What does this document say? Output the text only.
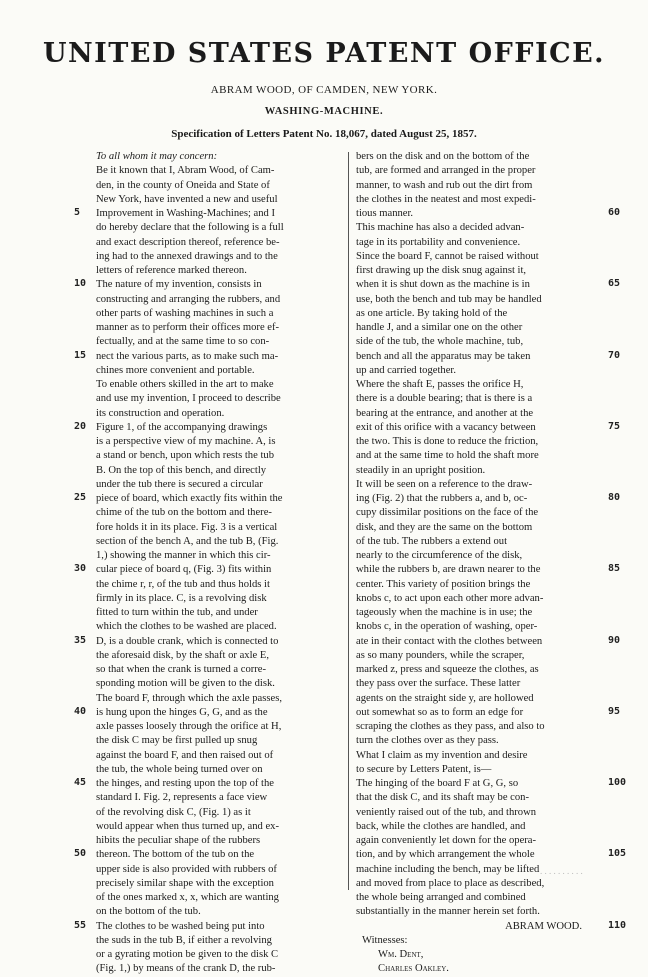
UNITED STATES PATENT OFFICE.
ABRAM WOOD, OF CAMDEN, NEW YORK.
WASHING-MACHINE.
Specification of Letters Patent No. 18,067, dated August 25, 1857.
To all whom it may concern:
Be it known that I, Abram Wood, of Cam-
den, in the county of Oneida and State of
New York, have invented a new and useful
Improvement in Washing-Machines; and I
do hereby declare that the following is a full
and exact description thereof, reference be-
ing had to the annexed drawings and to the
letters of reference marked thereon.
The nature of my invention, consists in
constructing and arranging the rubbers, and
other parts of washing machines in such a
manner as to perform their offices more ef-
fectually, and at the same time to so con-
nect the various parts, as to make such ma-
chines more convenient and portable.
To enable others skilled in the art to make
and use my invention, I proceed to describe
its construction and operation.
Figure 1, of the accompanying drawings
is a perspective view of my machine. A, is
a stand or bench, upon which rests the tub
B. On the top of this bench, and directly
under the tub there is secured a circular
piece of board, which exactly fits within the
chime of the tub on the bottom and there-
fore holds it in its place. Fig. 3 is a vertical
section of the bench A, and the tub B, (Fig.
1,) showing the manner in which this cir-
cular piece of board q, (Fig. 3) fits within
the chime r, r, of the tub and thus holds it
firmly in its place. C, is a revolving disk
fitted to turn within the tub, and under
which the clothes to be washed are placed.
D, is a double crank, which is connected to
the aforesaid disk, by the shaft or axle E,
so that when the crank is turned a corre-
sponding motion will be given to the disk.
The board F, through which the axle passes,
is hung upon the hinges G, G, and as the
axle passes loosely through the orifice at H,
the disk C may be first pulled up snug
against the board F, and then raised out of
the tub, the whole being turned over on
the hinges, and resting upon the top of the
standard I. Fig. 2, represents a face view
of the revolving disk C, (Fig. 1) as it
would appear when thus turned up, and ex-
hibits the peculiar shape of the rubbers
thereon. The bottom of the tub on the
upper side is also provided with rubbers of
precisely similar shape with the exception
of the ones marked x, x, which are wanting
on the bottom of the tub.
The clothes to be washed being put into
the suds in the tub B, if either a revolving
or a gyrating motion be given to the disk C
(Fig. 1,) by means of the crank D, the rub-
bers on the disk and on the bottom of the
tub, are formed and arranged in the proper
manner, to wash and rub out the dirt from
the clothes in the neatest and most expedi-
tious manner.
This machine has also a decided advan-
tage in its portability and convenience.
Since the board F, cannot be raised without
first drawing up the disk snug against it,
when it is shut down as the machine is in
use, both the bench and tub may be handled
as one article. By taking hold of the
handle J, and a similar one on the other
side of the tub, the whole machine, tub,
bench and all the apparatus may be taken
up and carried together.
Where the shaft E, passes the orifice H,
there is a double bearing; that is there is a
bearing at the entrance, and another at the
exit of this orifice with a vacancy between
the two. This is done to reduce the friction,
and at the same time to hold the shaft more
steadily in an upright position.
It will be seen on a reference to the draw-
ing (Fig. 2) that the rubbers a, and b, oc-
cupy dissimilar positions on the face of the
disk, and they are the same on the bottom
of the tub. The rubbers a extend out
nearly to the circumference of the disk,
while the rubbers b, are drawn nearer to the
center. This variety of position brings the
knobs c, to act upon each other more advan-
tageously when the machine is in use; the
knobs c, in the operation of washing, oper-
ate in their contact with the clothes between
as so many pounders, while the scraper,
marked z, press and squeeze the clothes, as
they pass over the surface. These latter
agents on the straight side y, are hollowed
out somewhat so as to form an edge for
scraping the clothes as they pass, and also to
turn the clothes over as they pass.
What I claim as my invention and desire
to secure by Letters Patent, is—
The hinging of the board F at G, G, so
that the disk C, and its shaft may be con-
veniently raised out of the tub, and thrown
back, while the clothes are handled, and
again conveniently let down for the opera-
tion, and by which arrangement the whole
machine including the bench, may be lifted
and moved from place to place as described,
the whole being arranged and combined
substantially in the manner herein set forth.
ABRAM WOOD.
Witnesses:
Wm. Dent,
Charles Oakley.
5
10
15
20
25
30
35
40
45
50
55
60
65
70
75
80
85
90
95
100
105
110
. . . . . . . . . .
